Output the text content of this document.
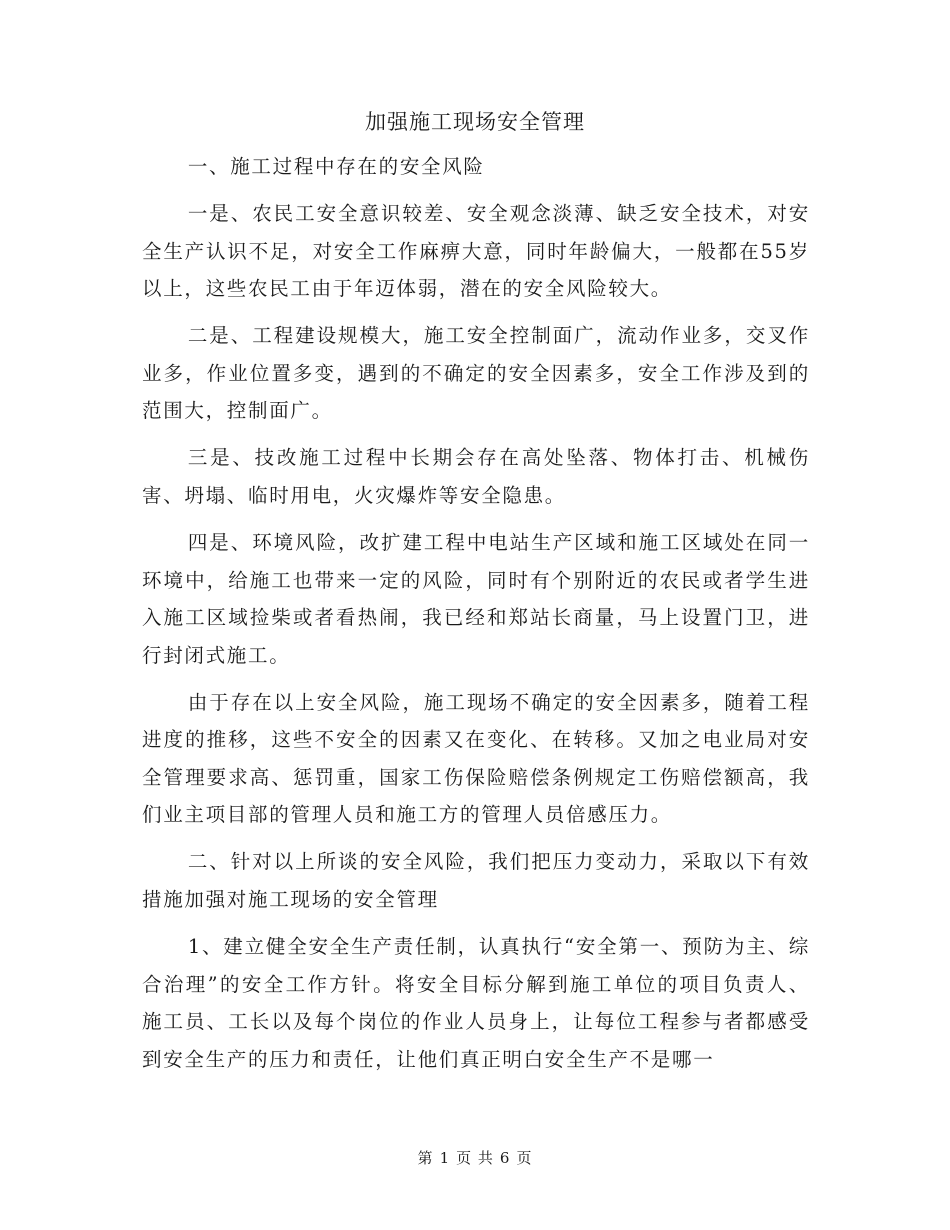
加强施工现场安全管理

一、施工过程中存在的安全风险

一是、农民工安全意识较差、安全观念淡薄、缺乏安全技术，对安全生产认识不足，对安全工作麻痹大意，同时年龄偏大，一般都在55岁以上，这些农民工由于年迈体弱，潜在的安全风险较大。

二是、工程建设规模大，施工安全控制面广，流动作业多，交叉作业多，作业位置多变，遇到的不确定的安全因素多，安全工作涉及到的范围大，控制面广。

三是、技改施工过程中长期会存在高处坠落、物体打击、机械伤害、坍塌、临时用电，火灾爆炸等安全隐患。

四是、环境风险，改扩建工程中电站生产区域和施工区域处在同一环境中，给施工也带来一定的风险，同时有个别附近的农民或者学生进入施工区域捡柴或者看热闹，我已经和郑站长商量，马上设置门卫，进行封闭式施工。

由于存在以上安全风险，施工现场不确定的安全因素多，随着工程进度的推移，这些不安全的因素又在变化、在转移。又加之电业局对安全管理要求高、惩罚重，国家工伤保险赔偿条例规定工伤赔偿额高，我们业主项目部的管理人员和施工方的管理人员倍感压力。

二、针对以上所谈的安全风险，我们把压力变动力，采取以下有效措施加强对施工现场的安全管理

1、建立健全安全生产责任制，认真执行“安全第一、预防为主、综合治理”的安全工作方针。将安全目标分解到施工单位的项目负责人、施工员、工长以及每个岗位的作业人员身上，让每位工程参与者都感受到安全生产的压力和责任，让他们真正明白安全生产不是哪一

第 1 页 共 6 页
